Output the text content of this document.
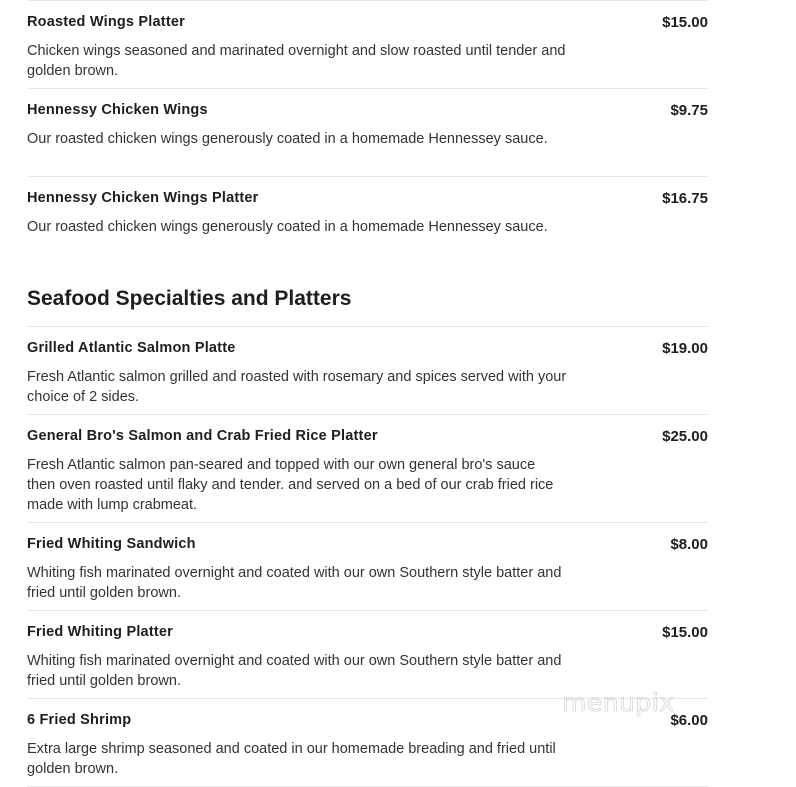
Roasted Wings Platter	$15.00
Chicken wings seasoned and marinated overnight and slow roasted until tender and golden brown.
Hennessy Chicken Wings	$9.75
Our roasted chicken wings generously coated in a homemade Hennessey sauce.
Hennessy Chicken Wings Platter	$16.75
Our roasted chicken wings generously coated in a homemade Hennessey sauce.
Seafood Specialties and Platters
Grilled Atlantic Salmon Platte	$19.00
Fresh Atlantic salmon grilled and roasted with rosemary and spices served with your choice of 2 sides.
General Bro's Salmon and Crab Fried Rice Platter	$25.00
Fresh Atlantic salmon pan-seared and topped with our own general bro's sauce then oven roasted until flaky and tender. and served on a bed of our crab fried rice made with lump crabmeat.
Fried Whiting Sandwich	$8.00
Whiting fish marinated overnight and coated with our own Southern style batter and fried until golden brown.
Fried Whiting Platter	$15.00
Whiting fish marinated overnight and coated with our own Southern style batter and fried until golden brown.
6 Fried Shrimp	$6.00
Extra large shrimp seasoned and coated in our homemade breading and fried until golden brown.
menupix
